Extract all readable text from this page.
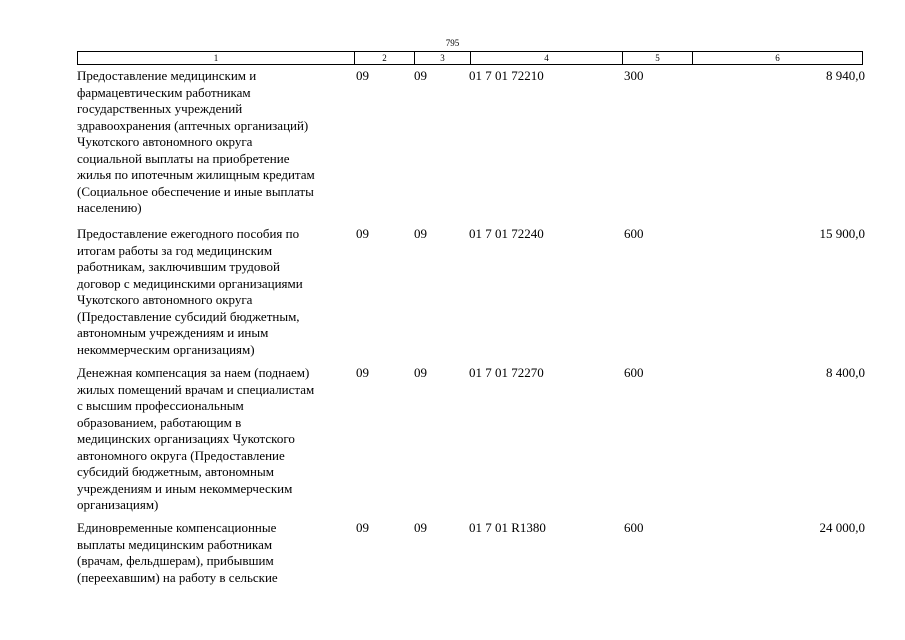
795
1	2	3	4	5	6
Предоставление медицинским и
фармацевтическим работникам
государственных учреждений
здравоохранения (аптечных организаций)
Чукотского автономного округа
социальной выплаты на приобретение
жилья по ипотечным жилищным кредитам
(Социальное обеспечение и иные выплаты
населению)
09	09	01 7 01 72210	300	8 940,0
Предоставление ежегодного пособия по
итогам работы за год медицинским
работникам, заключившим трудовой
договор с медицинскими организациями
Чукотского автономного округа
(Предоставление субсидий бюджетным,
автономным учреждениям и иным
некоммерческим организациям)
09	09	01 7 01 72240	600	15 900,0
Денежная компенсация за наем (поднаем)
жилых помещений врачам и специалистам
с высшим профессиональным
образованием, работающим в
медицинских организациях Чукотского
автономного округа (Предоставление
субсидий бюджетным, автономным
учреждениям и иным некоммерческим
организациям)
09	09	01 7 01 72270	600	8 400,0
Единовременные компенсационные
выплаты медицинским работникам
(врачам, фельдшерам), прибывшим
(переехавшим) на работу в сельские
09	09	01 7 01 R1380	600	24 000,0
